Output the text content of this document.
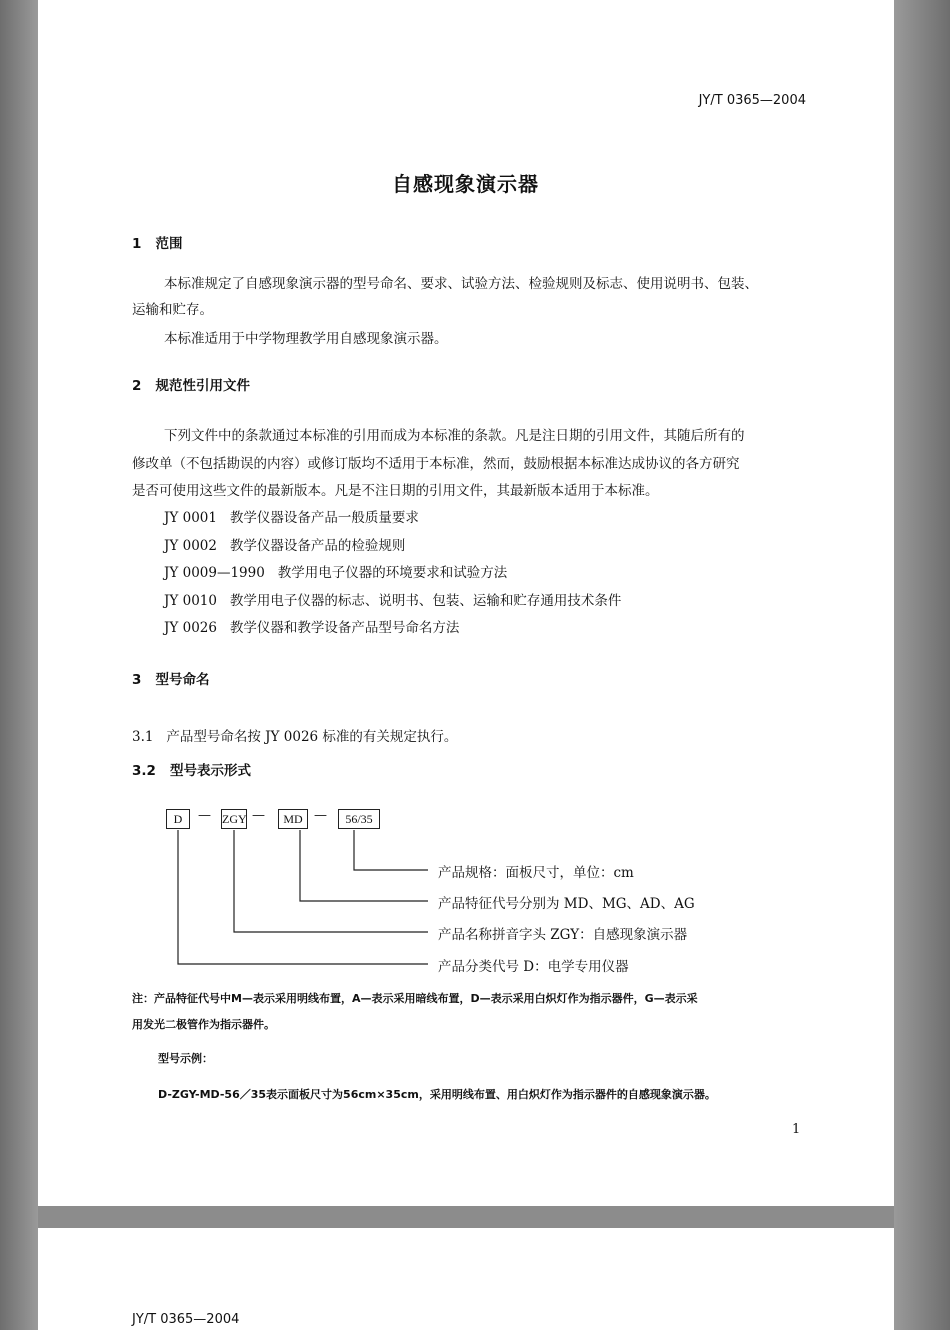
JY/T 0365—2004
自感现象演示器
1 范围
本标准规定了自感现象演示器的型号命名、要求、试验方法、检验规则及标志、使用说明书、包装、
运输和贮存。
本标准适用于中学物理教学用自感现象演示器。
2 规范性引用文件
下列文件中的条款通过本标准的引用而成为本标准的条款。凡是注日期的引用文件，其随后所有的
修改单（不包括勘误的内容）或修订版均不适用于本标准，然而，鼓励根据本标准达成协议的各方研究
是否可使用这些文件的最新版本。凡是不注日期的引用文件，其最新版本适用于本标准。
JY 0001 教学仪器设备产品一般质量要求
JY 0002 教学仪器设备产品的检验规则
JY 0009—1990 教学用电子仪器的环境要求和试验方法
JY 0010 教学用电子仪器的标志、说明书、包装、运输和贮存通用技术条件
JY 0026 教学仪器和教学设备产品型号命名方法
3 型号命名
3.1 产品型号命名按 JY 0026 标准的有关规定执行。
3.2 型号表示形式
D	— ZGY —	MD —	56/35
产品规格：面板尺寸，单位：cm
产品特征代号分别为 MD、MG、AD、AG
产品名称拼音字头 ZGY：自感现象演示器
产品分类代号 D：电学专用仪器
注：产品特征代号中M—表示采用明线布置，A—表示采用暗线布置，D—表示采用白炽灯作为指示器件，G—表示采
用发光二极管作为指示器件。
型号示例：
D-ZGY-MD-56／35表示面板尺寸为56cm×35cm，采用明线布置、用白炽灯作为指示器件的自感现象演示器。
1
JY/T 0365—2004
